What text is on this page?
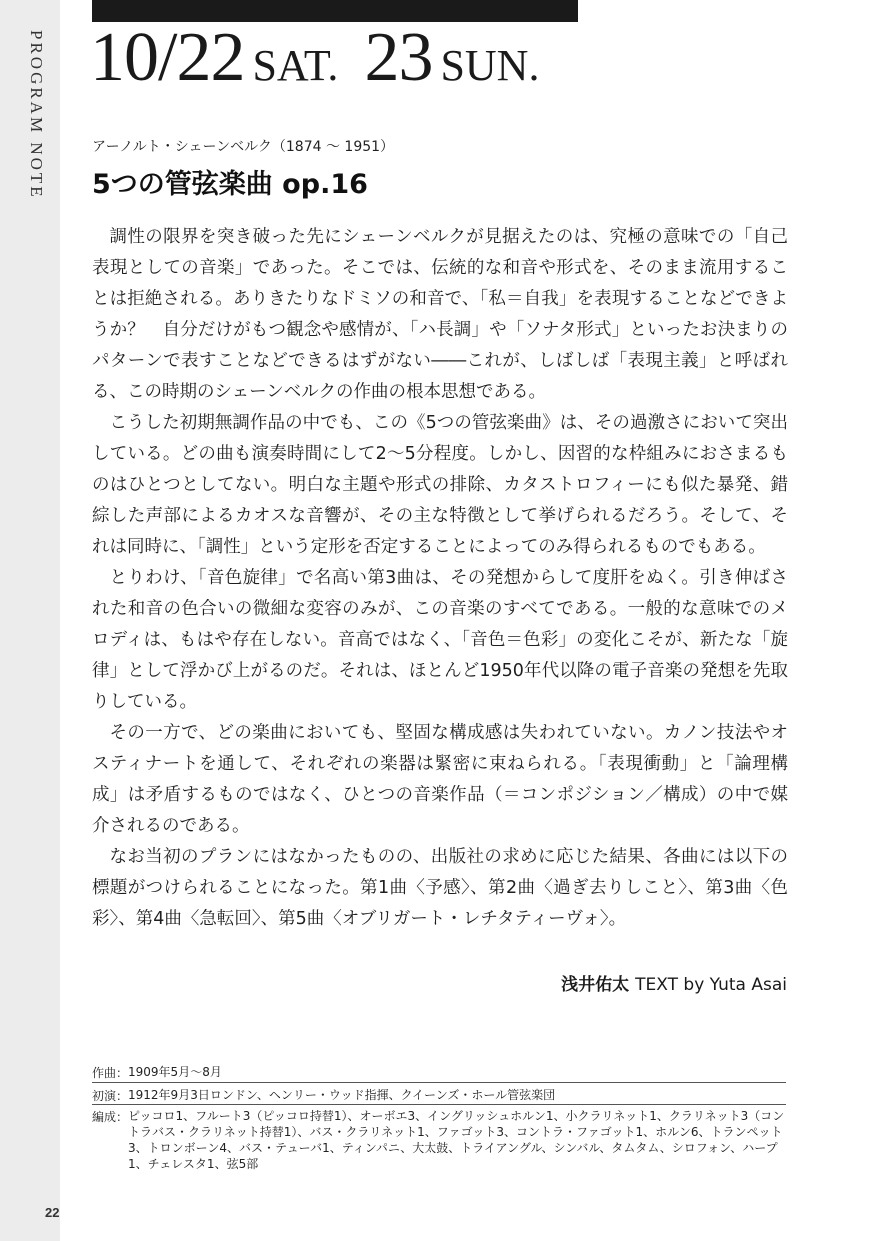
PROGRAM NOTE
22
10/22 SAT. 23 SUN.
アーノルト・シェーンベルク（1874 ～ 1951）
5つの管弦楽曲 op.16

調性の限界を突き破った先にシェーンベルクが見据えたのは、究極の意味での「自己表現としての音楽」であった。そこでは、伝統的な和音や形式を、そのまま流用することは拒絶される。ありきたりなドミソの和音で、「私＝自我」を表現することなどできようか？　自分だけがもつ観念や感情が、「ハ長調」や「ソナタ形式」といったお決まりのパターンで表すことなどできるはずがない――これが、しばしば「表現主義」と呼ばれる、この時期のシェーンベルクの作曲の根本思想である。

こうした初期無調作品の中でも、この《5つの管弦楽曲》は、その過激さにおいて突出している。どの曲も演奏時間にして2～5分程度。しかし、因習的な枠組みにおさまるものはひとつとしてない。明白な主題や形式の排除、カタストロフィーにも似た暴発、錯綜した声部によるカオスな音響が、その主な特徴として挙げられるだろう。そして、それは同時に、「調性」という定形を否定することによってのみ得られるものでもある。

とりわけ、「音色旋律」で名高い第3曲は、その発想からして度肝をぬく。引き伸ばされた和音の色合いの微細な変容のみが、この音楽のすべてである。一般的な意味でのメロディは、もはや存在しない。音高ではなく、「音色＝色彩」の変化こそが、新たな「旋律」として浮かび上がるのだ。それは、ほとんど1950年代以降の電子音楽の発想を先取りしている。

その一方で、どの楽曲においても、堅固な構成感は失われていない。カノン技法やオスティナートを通して、それぞれの楽器は緊密に束ねられる。「表現衝動」と「論理構成」は矛盾するものではなく、ひとつの音楽作品（＝コンポジション／構成）の中で媒介されるのである。

なお当初のプランにはなかったものの、出版社の求めに応じた結果、各曲には以下の標題がつけられることになった。第1曲〈予感〉、第2曲〈過ぎ去りしこと〉、第3曲〈色彩〉、第4曲〈急転回〉、第5曲〈オブリガート・レチタティーヴォ〉。

浅井佑太 TEXT by Yuta Asai
作曲： 1909年5月～8月
初演： 1912年9月3日ロンドン、ヘンリー・ウッド指揮、クイーンズ・ホール管弦楽団
編成： ピッコロ1、フルート3（ピッコロ持替1）、オーボエ3、イングリッシュホルン1、小クラリネット1、クラリネット3（コントラバス・クラリネット持替1）、バス・クラリネット1、ファゴット3、コントラ・ファゴット1、ホルン6、トランペット3、トロンボーン4、バス・テューバ1、ティンパニ、大太鼓、トライアングル、シンバル、タムタム、シロフォン、ハープ1、チェレスタ1、弦5部
